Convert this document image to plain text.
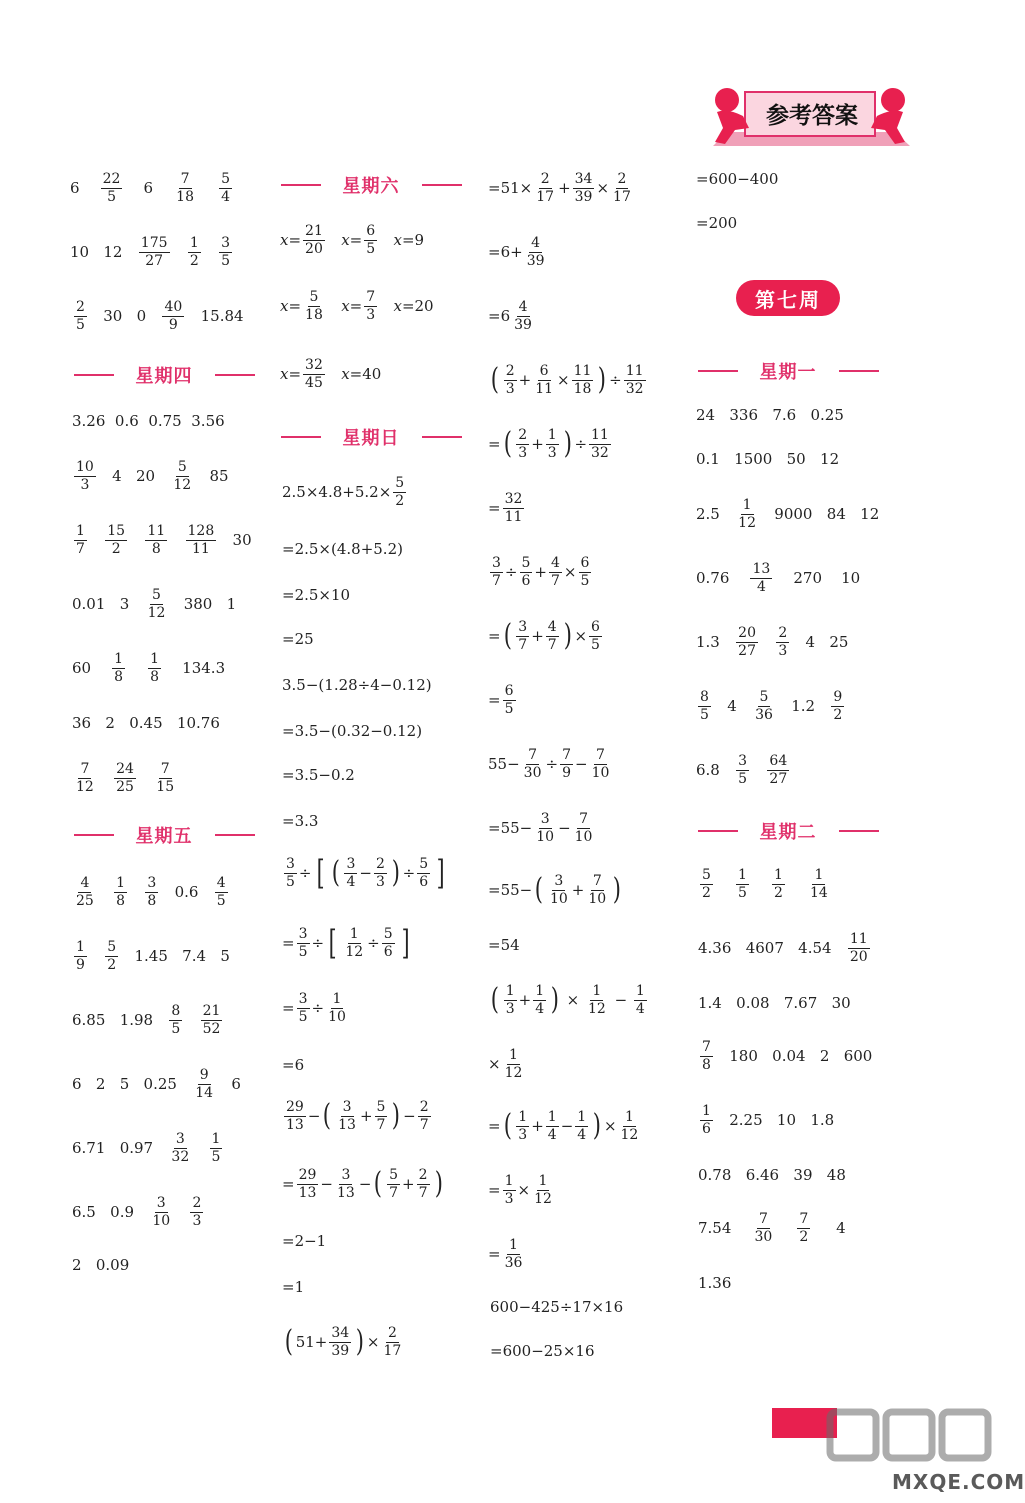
参考答案
$6 \frac{22}{5} 6 \frac{7}{18}$
$\frac{5}{4}$
10   $12 \frac{175}{27}$
$\frac{1}{2}$
$\frac{3}{5}$
$\frac{2}{5} 30$   $0 \frac{40}{9} 15.84$
星期四
3.26  0.6  0.75  3.56
$\frac{10}{3} 4$   $20 \frac{5}{12} 85$
$\frac{1}{7}$
$\frac{15}{2}$
$\frac{11}{8}$
$\frac{128}{11} 30$
0.01   $3 \frac{5}{12} 380$   1
$60 \frac{1}{8}$
$\frac{1}{8} 134.3$
36   2   0.45   10.76
$\frac{7}{12}$
$\frac{24}{25}$
$\frac{7}{15}$
星期五
$\frac{4}{25}$
$\frac{1}{8}$
$\frac{3}{8} 0.6 \frac{4}{5}$
$\frac{1}{9}$
$\frac{5}{2} 1.45$   7.4   5
6.85   $1.98 \frac{8}{5}$
$\frac{21}{52}$
6   2   5   $0.25 \frac{9}{14} 6$
6.71   $0.97 \frac{3}{32}$
$\frac{1}{5}$
6.5   $0.9 \frac{3}{10}$
$\frac{2}{3}$
2   0.09
星期六
$x = \frac{21}{20}$
$x = \frac{6}{5}$
x =9
$x = \frac{5}{18}$
$x = \frac{7}{3}$
x =20
$x = \frac{32}{45}$
x =40
星期日
$2.5\times 4.8+5.2\times \frac{5}{2}$
=2.5×(4.8+5.2)
=2.5×10
=25
3.5−(1.28÷4−0.12)
=3.5−(0.32−0.12)
=3.5−0.2
=3.3
$\frac{3}{5}$ ÷ [ ( $\frac{3}{4} - \frac{2}{3}$ ) ÷ $\frac{5}{6}$ ]
= $\frac{3}{5}$ ÷ [ $\frac{1}{12} \div \frac{5}{6}$ ]
= $\frac{3}{5} \div \frac{1}{10}$
=6
$\frac{29}{13}$ − ( $\frac{3}{13} + \frac{5}{7}$ ) − $\frac{2}{7}$
= $\frac{29}{13} - \frac{3}{13}$ − ( $\frac{5}{7} + \frac{2}{7}$ )
=2−1
=1
( $51+ \frac{34}{39}$ ) × $\frac{2}{17}$
$=51\times \frac{2}{17} + \frac{34}{39} \times \frac{2}{17}$
$=6+ \frac{4}{39}$
$=6 \frac{4}{39}$
( $\frac{2}{3} + \frac{6}{11} \times \frac{11}{18}$ ) ÷ $\frac{11}{32}$
= ( $\frac{2}{3} + \frac{1}{3}$ ) ÷ $\frac{11}{32}$
= $\frac{32}{11}$
$\frac{3}{7} \div \frac{5}{6} + \frac{4}{7} \times \frac{6}{5}$
= ( $\frac{3}{7} + \frac{4}{7}$ ) × $\frac{6}{5}$
= $\frac{6}{5}$
$55- \frac{7}{30} \div \frac{7}{9} - \frac{7}{10}$
$=55- \frac{3}{10} - \frac{7}{10}$
=55− ( $\frac{3}{10} + \frac{7}{10}$ )
=54
( $\frac{1}{3} + \frac{1}{4}$ ) × $\frac{1}{12} - \frac{1}{4}$
× $\frac{1}{12}$
= ( $\frac{1}{3} + \frac{1}{4} - \frac{1}{4}$ ) × $\frac{1}{12}$
= $\frac{1}{3} \times \frac{1}{12}$
= $\frac{1}{36}$
600−425÷17×16
=600−25×16
=600−400
=200
第七周
星期一
24   336   7.6   0.25
0.1   1500   50   12
$2.5 \frac{1}{12} 9000$   84   12
$0.76 \frac{13}{4} 270$    10
$1.3 \frac{20}{27}$
$\frac{2}{3} 4$   25
$\frac{8}{5} 4 \frac{5}{36} 1.2 \frac{9}{2}$
$6.8 \frac{3}{5}$
$\frac{64}{27}$
星期二
$\frac{5}{2}$
$\frac{1}{5}$
$\frac{1}{2}$
$\frac{1}{14}$
4.36   4607   $4.54 \frac{11}{20}$
1.4   0.08   7.67   30
$\frac{7}{8} 180$   0.04   2   600
$\frac{1}{6} 2.25$   10   1.8
0.78   6.46   39   48
$7.54 \frac{7}{30}$
$\frac{7}{2} 4$
1.36
MXQE.COM
